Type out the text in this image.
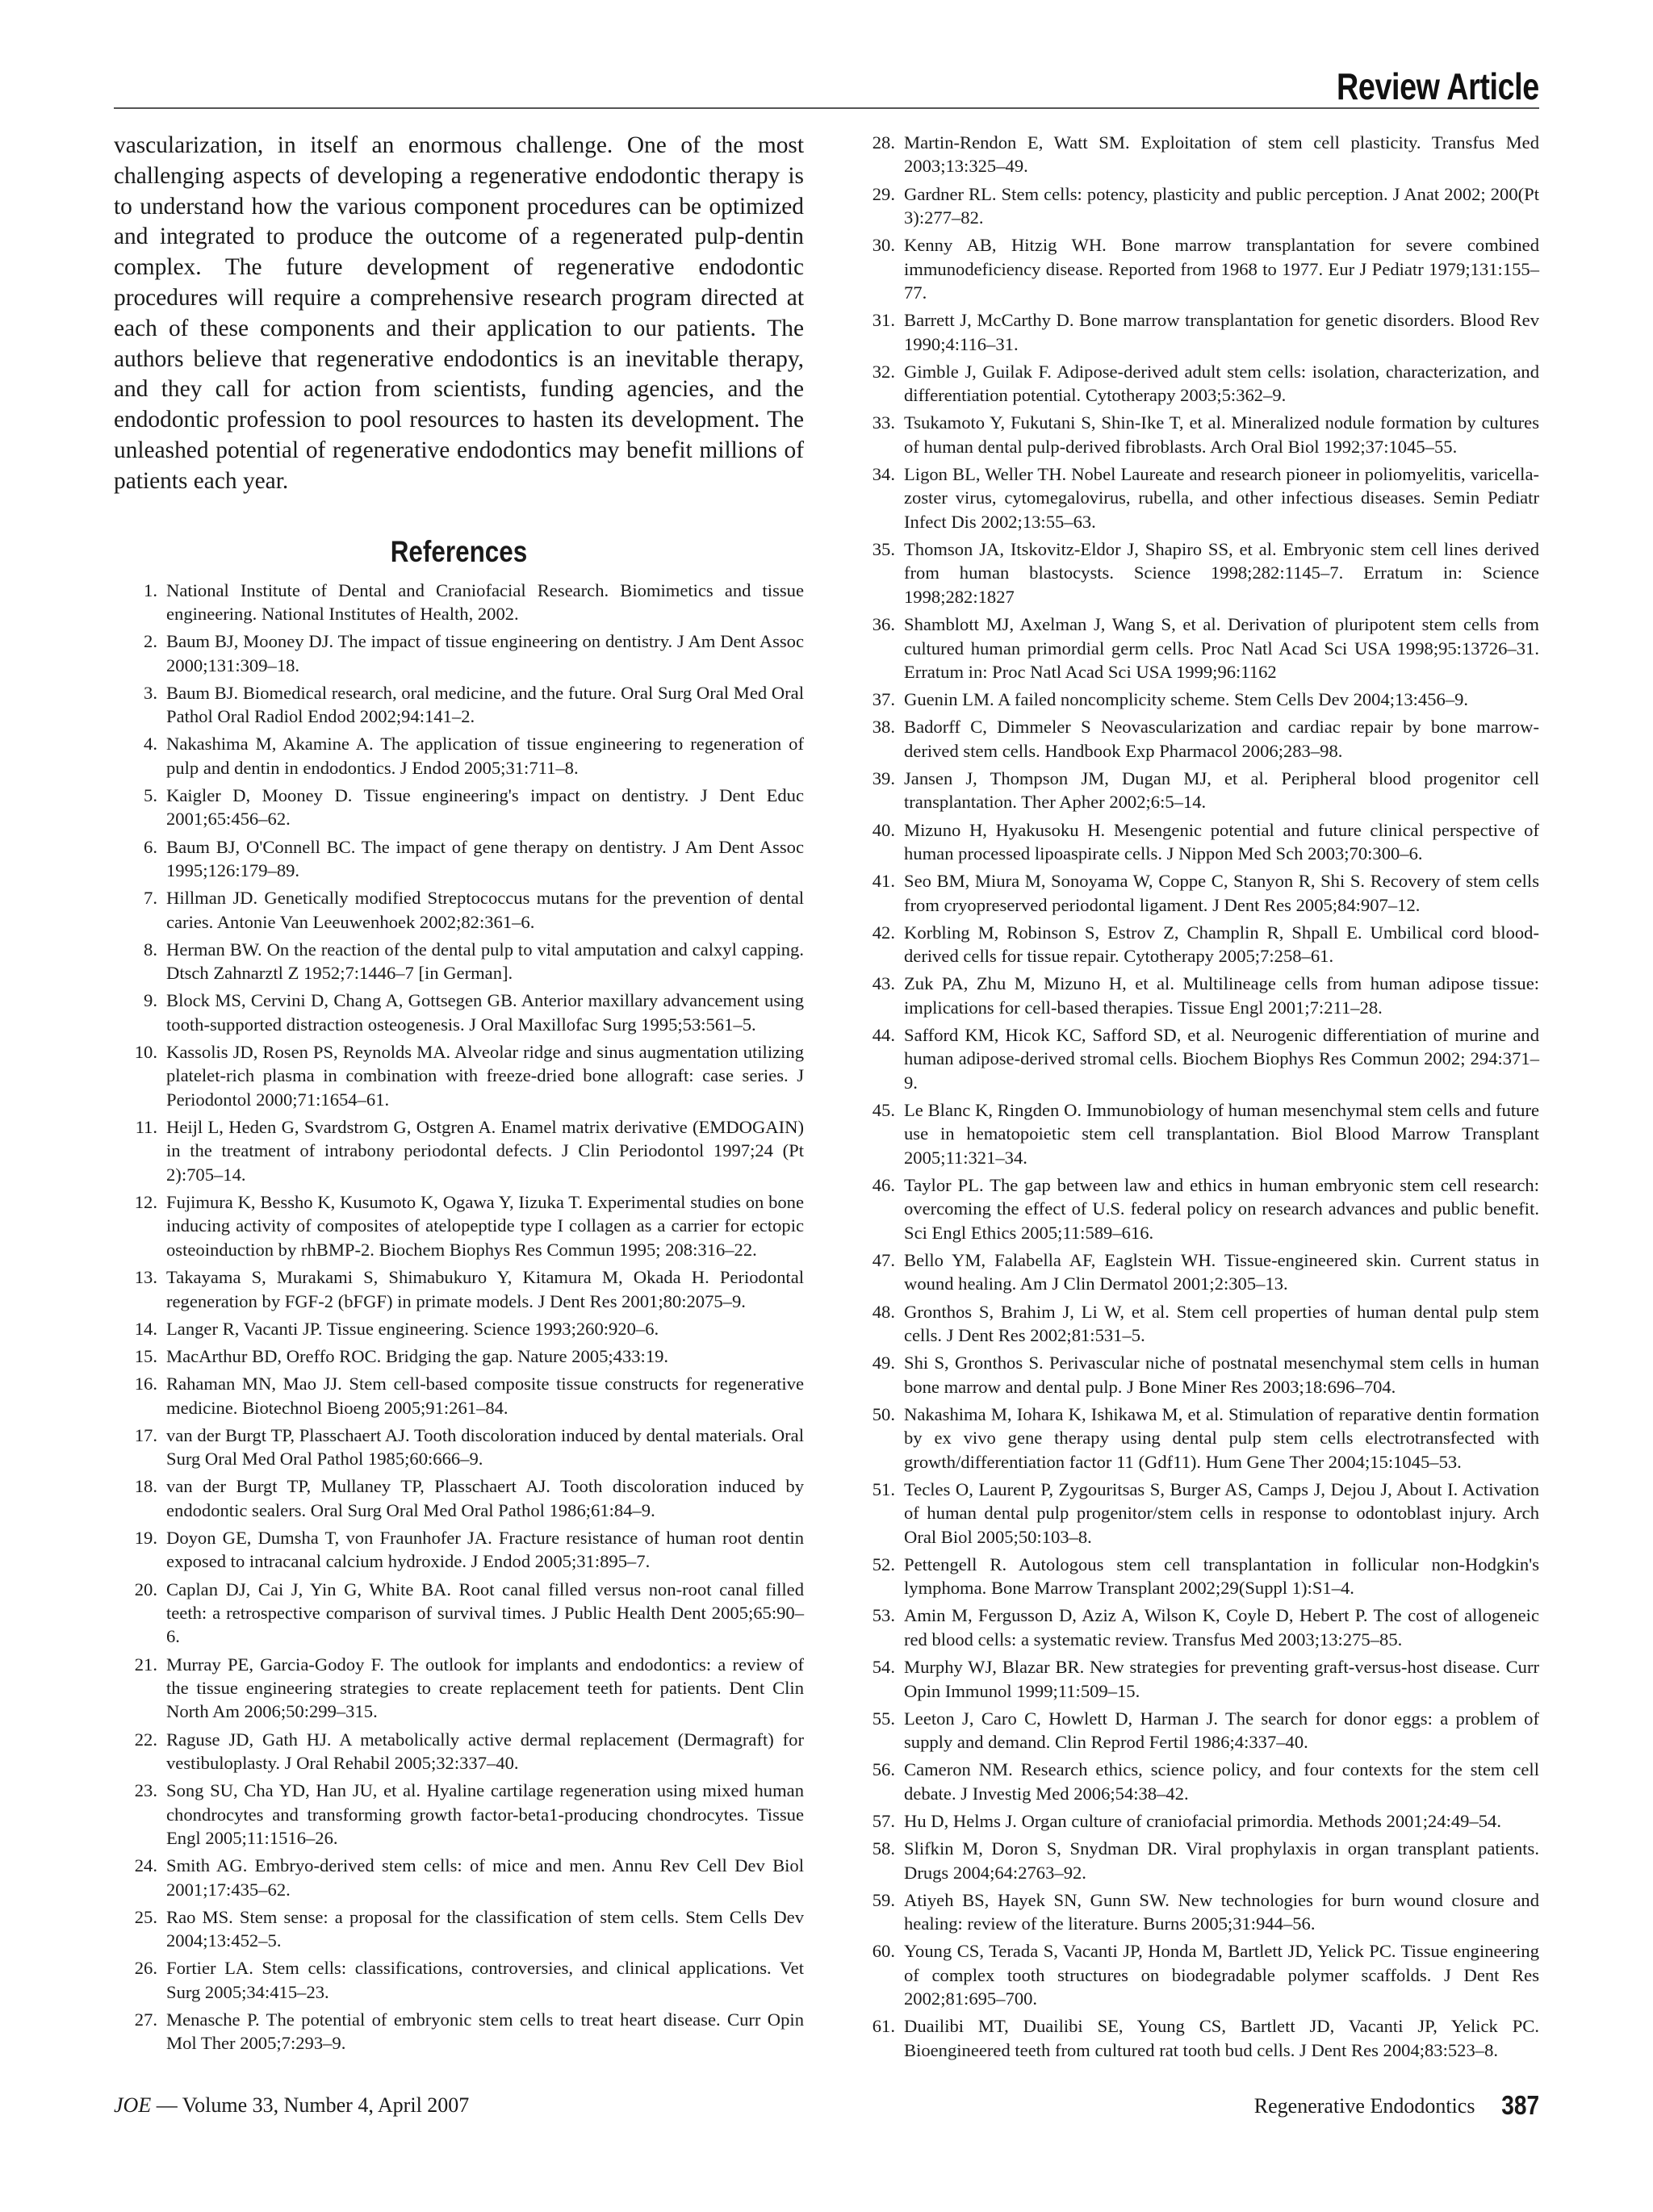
Review Article

vascularization, in itself an enormous challenge. One of the most challenging aspects of developing a regenerative endodontic therapy is to understand how the various component procedures can be optimized and integrated to produce the outcome of a regenerated pulp-dentin complex. The future development of regenerative endodontic procedures will require a comprehensive research program directed at each of these components and their application to our patients. The authors believe that regenerative endodontics is an inevitable therapy, and they call for action from scientists, funding agencies, and the endodontic profession to pool resources to hasten its development. The unleashed potential of regenerative endodontics may benefit millions of patients each year.

References
1. National Institute of Dental and Craniofacial Research. Biomimetics and tissue engineering. National Institutes of Health, 2002.
2. Baum BJ, Mooney DJ. The impact of tissue engineering on dentistry. J Am Dent Assoc 2000;131:309–18.
3. Baum BJ. Biomedical research, oral medicine, and the future. Oral Surg Oral Med Oral Pathol Oral Radiol Endod 2002;94:141–2.
4. Nakashima M, Akamine A. The application of tissue engineering to regeneration of pulp and dentin in endodontics. J Endod 2005;31:711–8.
5. Kaigler D, Mooney D. Tissue engineering's impact on dentistry. J Dent Educ 2001;65:456–62.
6. Baum BJ, O'Connell BC. The impact of gene therapy on dentistry. J Am Dent Assoc 1995;126:179–89.
7. Hillman JD. Genetically modified Streptococcus mutans for the prevention of dental caries. Antonie Van Leeuwenhoek 2002;82:361–6.
8. Herman BW. On the reaction of the dental pulp to vital amputation and calxyl capping. Dtsch Zahnarztl Z 1952;7:1446–7 [in German].
9. Block MS, Cervini D, Chang A, Gottsegen GB. Anterior maxillary advancement using tooth-supported distraction osteogenesis. J Oral Maxillofac Surg 1995;53:561–5.
10. Kassolis JD, Rosen PS, Reynolds MA. Alveolar ridge and sinus augmentation utilizing platelet-rich plasma in combination with freeze-dried bone allograft: case series. J Periodontol 2000;71:1654–61.
11. Heijl L, Heden G, Svardstrom G, Ostgren A. Enamel matrix derivative (EMDOGAIN) in the treatment of intrabony periodontal defects. J Clin Periodontol 1997;24 (Pt 2):705–14.
12. Fujimura K, Bessho K, Kusumoto K, Ogawa Y, Iizuka T. Experimental studies on bone inducing activity of composites of atelopeptide type I collagen as a carrier for ectopic osteoinduction by rhBMP-2. Biochem Biophys Res Commun 1995; 208:316–22.
13. Takayama S, Murakami S, Shimabukuro Y, Kitamura M, Okada H. Periodontal regeneration by FGF-2 (bFGF) in primate models. J Dent Res 2001;80:2075–9.
14. Langer R, Vacanti JP. Tissue engineering. Science 1993;260:920–6.
15. MacArthur BD, Oreffo ROC. Bridging the gap. Nature 2005;433:19.
16. Rahaman MN, Mao JJ. Stem cell-based composite tissue constructs for regenerative medicine. Biotechnol Bioeng 2005;91:261–84.
17. van der Burgt TP, Plasschaert AJ. Tooth discoloration induced by dental materials. Oral Surg Oral Med Oral Pathol 1985;60:666–9.
18. van der Burgt TP, Mullaney TP, Plasschaert AJ. Tooth discoloration induced by endodontic sealers. Oral Surg Oral Med Oral Pathol 1986;61:84–9.
19. Doyon GE, Dumsha T, von Fraunhofer JA. Fracture resistance of human root dentin exposed to intracanal calcium hydroxide. J Endod 2005;31:895–7.
20. Caplan DJ, Cai J, Yin G, White BA. Root canal filled versus non-root canal filled teeth: a retrospective comparison of survival times. J Public Health Dent 2005;65:90–6.
21. Murray PE, Garcia-Godoy F. The outlook for implants and endodontics: a review of the tissue engineering strategies to create replacement teeth for patients. Dent Clin North Am 2006;50:299–315.
22. Raguse JD, Gath HJ. A metabolically active dermal replacement (Dermagraft) for vestibuloplasty. J Oral Rehabil 2005;32:337–40.
23. Song SU, Cha YD, Han JU, et al. Hyaline cartilage regeneration using mixed human chondrocytes and transforming growth factor-beta1-producing chondrocytes. Tissue Engl 2005;11:1516–26.
24. Smith AG. Embryo-derived stem cells: of mice and men. Annu Rev Cell Dev Biol 2001;17:435–62.
25. Rao MS. Stem sense: a proposal for the classification of stem cells. Stem Cells Dev 2004;13:452–5.
26. Fortier LA. Stem cells: classifications, controversies, and clinical applications. Vet Surg 2005;34:415–23.
27. Menasche P. The potential of embryonic stem cells to treat heart disease. Curr Opin Mol Ther 2005;7:293–9.
28. Martin-Rendon E, Watt SM. Exploitation of stem cell plasticity. Transfus Med 2003;13:325–49.
29. Gardner RL. Stem cells: potency, plasticity and public perception. J Anat 2002; 200(Pt 3):277–82.
30. Kenny AB, Hitzig WH. Bone marrow transplantation for severe combined immunodeficiency disease. Reported from 1968 to 1977. Eur J Pediatr 1979;131:155–77.
31. Barrett J, McCarthy D. Bone marrow transplantation for genetic disorders. Blood Rev 1990;4:116–31.
32. Gimble J, Guilak F. Adipose-derived adult stem cells: isolation, characterization, and differentiation potential. Cytotherapy 2003;5:362–9.
33. Tsukamoto Y, Fukutani S, Shin-Ike T, et al. Mineralized nodule formation by cultures of human dental pulp-derived fibroblasts. Arch Oral Biol 1992;37:1045–55.
34. Ligon BL, Weller TH. Nobel Laureate and research pioneer in poliomyelitis, varicella-zoster virus, cytomegalovirus, rubella, and other infectious diseases. Semin Pediatr Infect Dis 2002;13:55–63.
35. Thomson JA, Itskovitz-Eldor J, Shapiro SS, et al. Embryonic stem cell lines derived from human blastocysts. Science 1998;282:1145–7. Erratum in: Science 1998;282:1827
36. Shamblott MJ, Axelman J, Wang S, et al. Derivation of pluripotent stem cells from cultured human primordial germ cells. Proc Natl Acad Sci USA 1998;95:13726–31. Erratum in: Proc Natl Acad Sci USA 1999;96:1162
37. Guenin LM. A failed noncomplicity scheme. Stem Cells Dev 2004;13:456–9.
38. Badorff C, Dimmeler S Neovascularization and cardiac repair by bone marrow-derived stem cells. Handbook Exp Pharmacol 2006;283–98.
39. Jansen J, Thompson JM, Dugan MJ, et al. Peripheral blood progenitor cell transplantation. Ther Apher 2002;6:5–14.
40. Mizuno H, Hyakusoku H. Mesengenic potential and future clinical perspective of human processed lipoaspirate cells. J Nippon Med Sch 2003;70:300–6.
41. Seo BM, Miura M, Sonoyama W, Coppe C, Stanyon R, Shi S. Recovery of stem cells from cryopreserved periodontal ligament. J Dent Res 2005;84:907–12.
42. Korbling M, Robinson S, Estrov Z, Champlin R, Shpall E. Umbilical cord blood-derived cells for tissue repair. Cytotherapy 2005;7:258–61.
43. Zuk PA, Zhu M, Mizuno H, et al. Multilineage cells from human adipose tissue: implications for cell-based therapies. Tissue Engl 2001;7:211–28.
44. Safford KM, Hicok KC, Safford SD, et al. Neurogenic differentiation of murine and human adipose-derived stromal cells. Biochem Biophys Res Commun 2002; 294:371–9.
45. Le Blanc K, Ringden O. Immunobiology of human mesenchymal stem cells and future use in hematopoietic stem cell transplantation. Biol Blood Marrow Transplant 2005;11:321–34.
46. Taylor PL. The gap between law and ethics in human embryonic stem cell research: overcoming the effect of U.S. federal policy on research advances and public benefit. Sci Engl Ethics 2005;11:589–616.
47. Bello YM, Falabella AF, Eaglstein WH. Tissue-engineered skin. Current status in wound healing. Am J Clin Dermatol 2001;2:305–13.
48. Gronthos S, Brahim J, Li W, et al. Stem cell properties of human dental pulp stem cells. J Dent Res 2002;81:531–5.
49. Shi S, Gronthos S. Perivascular niche of postnatal mesenchymal stem cells in human bone marrow and dental pulp. J Bone Miner Res 2003;18:696–704.
50. Nakashima M, Iohara K, Ishikawa M, et al. Stimulation of reparative dentin formation by ex vivo gene therapy using dental pulp stem cells electrotransfected with growth/differentiation factor 11 (Gdf11). Hum Gene Ther 2004;15:1045–53.
51. Tecles O, Laurent P, Zygouritsas S, Burger AS, Camps J, Dejou J, About I. Activation of human dental pulp progenitor/stem cells in response to odontoblast injury. Arch Oral Biol 2005;50:103–8.
52. Pettengell R. Autologous stem cell transplantation in follicular non-Hodgkin's lymphoma. Bone Marrow Transplant 2002;29(Suppl 1):S1–4.
53. Amin M, Fergusson D, Aziz A, Wilson K, Coyle D, Hebert P. The cost of allogeneic red blood cells: a systematic review. Transfus Med 2003;13:275–85.
54. Murphy WJ, Blazar BR. New strategies for preventing graft-versus-host disease. Curr Opin Immunol 1999;11:509–15.
55. Leeton J, Caro C, Howlett D, Harman J. The search for donor eggs: a problem of supply and demand. Clin Reprod Fertil 1986;4:337–40.
56. Cameron NM. Research ethics, science policy, and four contexts for the stem cell debate. J Investig Med 2006;54:38–42.
57. Hu D, Helms J. Organ culture of craniofacial primordia. Methods 2001;24:49–54.
58. Slifkin M, Doron S, Snydman DR. Viral prophylaxis in organ transplant patients. Drugs 2004;64:2763–92.
59. Atiyeh BS, Hayek SN, Gunn SW. New technologies for burn wound closure and healing: review of the literature. Burns 2005;31:944–56.
60. Young CS, Terada S, Vacanti JP, Honda M, Bartlett JD, Yelick PC. Tissue engineering of complex tooth structures on biodegradable polymer scaffolds. J Dent Res 2002;81:695–700.
61. Duailibi MT, Duailibi SE, Young CS, Bartlett JD, Vacanti JP, Yelick PC. Bioengineered teeth from cultured rat tooth bud cells. J Dent Res 2004;83:523–8.
JOE — Volume 33, Number 4, April 2007	Regenerative Endodontics 387
